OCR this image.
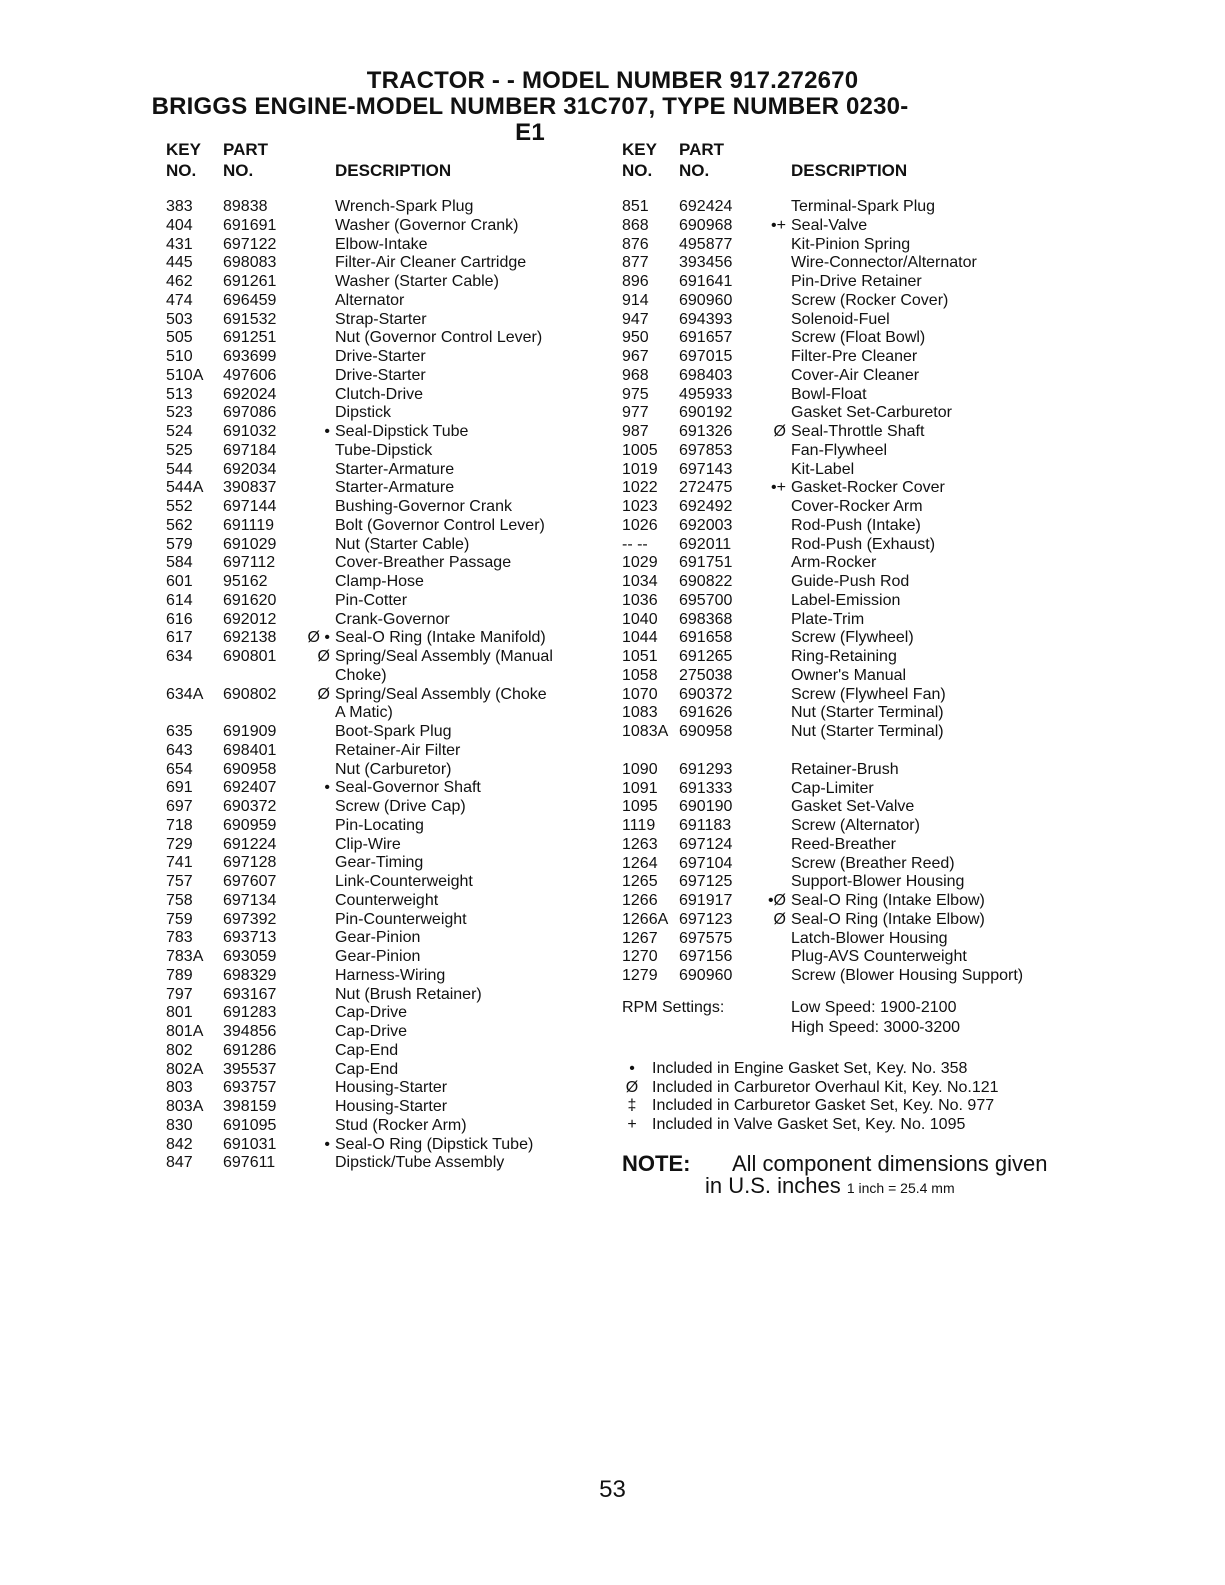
TRACTOR - - MODEL NUMBER 917.272670
BRIGGS ENGINE-MODEL NUMBER 31C707, TYPE NUMBER 0230-E1
KEY
NO.
PART
NO.	DESCRIPTION
383 89838	Wrench-Spark Plug
404 691691	Washer (Governor Crank)
431 697122	Elbow-Intake
445 698083	Filter-Air Cleaner Cartridge
462 691261	Washer (Starter Cable)
474 696459	Alternator
503 691532	Strap-Starter
505 691251	Nut (Governor Control Lever)
510 693699	Drive-Starter
510A 497606	Drive-Starter
513 692024	Clutch-Drive
523 697086	Dipstick
524 691032	• Seal-Dipstick Tube
525 697184	Tube-Dipstick
544 692034	Starter-Armature
544A 390837	Starter-Armature
552 697144	Bushing-Governor Crank
562 691119	Bolt (Governor Control Lever)
579 691029	Nut (Starter Cable)
584 697112	Cover-Breather Passage
601 95162	Clamp-Hose
614 691620	Pin-Cotter
616 692012	Crank-Governor
617 692138	Ø • Seal-O Ring (Intake Manifold)
634 690801	Ø Spring/Seal Assembly (Manual
Choke)
634A 690802	Ø Spring/Seal Assembly (Choke
A Matic)
635 691909	Boot-Spark Plug
643 698401	Retainer-Air Filter
654 690958	Nut (Carburetor)
691 692407	• Seal-Governor Shaft
697 690372	Screw (Drive Cap)
718 690959	Pin-Locating
729 691224	Clip-Wire
741 697128	Gear-Timing
757 697607	Link-Counterweight
758 697134	Counterweight
759 697392	Pin-Counterweight
783 693713	Gear-Pinion
783A 693059	Gear-Pinion
789 698329	Harness-Wiring
797 693167	Nut (Brush Retainer)
801 691283	Cap-Drive
801A 394856	Cap-Drive
802 691286	Cap-End
802A 395537	Cap-End
803 693757	Housing-Starter
803A 398159	Housing-Starter
830 691095	Stud (Rocker Arm)
842 691031	• Seal-O Ring (Dipstick Tube)
847 697611	Dipstick/Tube Assembly
KEY
NO.
PART
NO.	DESCRIPTION
851 692424	Terminal-Spark Plug
868 690968	•+ Seal-Valve
876 495877	Kit-Pinion Spring
877 393456	Wire-Connector/Alternator
896 691641	Pin-Drive Retainer
914 690960	Screw (Rocker Cover)
947 694393	Solenoid-Fuel
950 691657	Screw (Float Bowl)
967 697015	Filter-Pre Cleaner
968 698403	Cover-Air Cleaner
975 495933	Bowl-Float
977 690192	Gasket Set-Carburetor
987 691326	Ø Seal-Throttle Shaft
1005 697853	Fan-Flywheel
1019 697143	Kit-Label
1022 272475	•+ Gasket-Rocker Cover
1023 692492	Cover-Rocker Arm
1026 692003	Rod-Push (Intake)
-- -- 692011	Rod-Push (Exhaust)
1029 691751	Arm-Rocker
1034 690822	Guide-Push Rod
1036 695700	Label-Emission
1040 698368	Plate-Trim
1044 691658	Screw (Flywheel)
1051 691265	Ring-Retaining
1058 275038	Owner's Manual
1070 690372	Screw (Flywheel Fan)
1083 691626	Nut (Starter Terminal)
1083A 690958	Nut (Starter Terminal)
1090 691293	Retainer-Brush
1091 691333	Cap-Limiter
1095 690190	Gasket Set-Valve
1119 691183	Screw (Alternator)
1263 697124	Reed-Breather
1264 697104	Screw (Breather Reed)
1265 697125	Support-Blower Housing
1266 691917	•Ø Seal-O Ring (Intake Elbow)
1266A 697123	Ø Seal-O Ring (Intake Elbow)
1267 697575	Latch-Blower Housing
1270 697156	Plug-AVS Counterweight
1279 690960	Screw (Blower Housing Support)
RPM Settings:	Low Speed: 1900-2100
High Speed: 3000-3200
•	Included in Engine Gasket Set, Key. No. 358
Ø Included in Carburetor Overhaul Kit, Key. No.121
‡ Included in Carburetor Gasket Set, Key. No. 977
+ Included in Valve Gasket Set, Key. No. 1095
NOTE: All component dimensions given
in U.S. inches 1 inch = 25.4 mm
53
